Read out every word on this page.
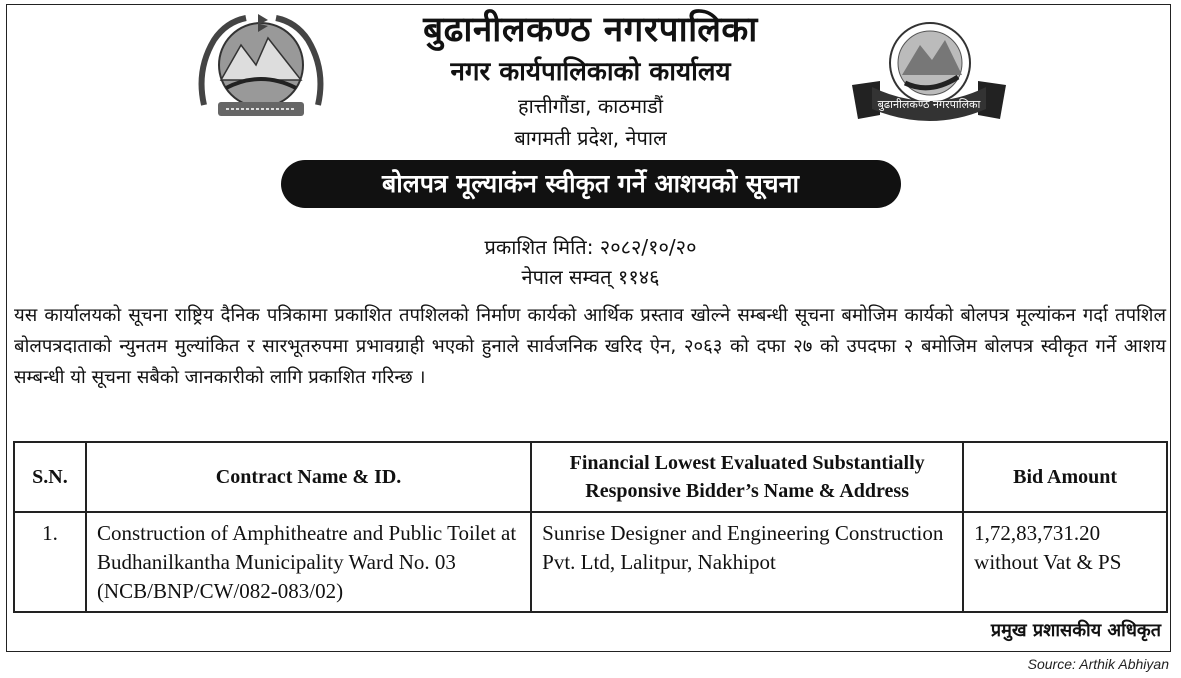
बुढानीलकण्ठ नगरपालिका
बुढानीलकण्ठ नगरपालिका
नगर कार्यपालिकाको कार्यालय
हात्तीगौंडा, काठमाडौं
बागमती प्रदेश, नेपाल
बोलपत्र मूल्याकंन स्वीकृत गर्ने आशयको सूचना
प्रकाशित मिति: २०८२/१०/२०
नेपाल सम्वत् ११४६
यस कार्यालयको सूचना राष्ट्रिय दैनिक पत्रिकामा प्रकाशित तपशिलको निर्माण कार्यको आर्थिक प्रस्ताव खोल्ने सम्बन्धी सूचना बमोजिम कार्यको बोलपत्र मूल्यांकन गर्दा तपशिल बोलपत्रदाताको न्युनतम मुल्यांकित र सारभूतरुपमा प्रभावग्राही भएको हुनाले सार्वजनिक खरिद ऐन, २०६३ को दफा २७ को उपदफा २ बमोजिम बोलपत्र स्वीकृत गर्ने आशय सम्बन्धी यो सूचना सबैको जानकारीको लागि प्रकाशित गरिन्छ ।
S.N.	Contract Name & ID.	Financial Lowest Evaluated Substantially Responsive Bidder’s Name & Address	Bid Amount
1.	Construction of Amphitheatre and Public Toilet at Budhanilkantha Municipality Ward No. 03 (NCB/BNP/CW/082-083/02)	Sunrise Designer and Engineering Construction Pvt. Ltd, Lalitpur, Nakhipot	1,72,83,731.20 without Vat & PS
प्रमुख प्रशासकीय अधिकृत
Source: Arthik Abhiyan
